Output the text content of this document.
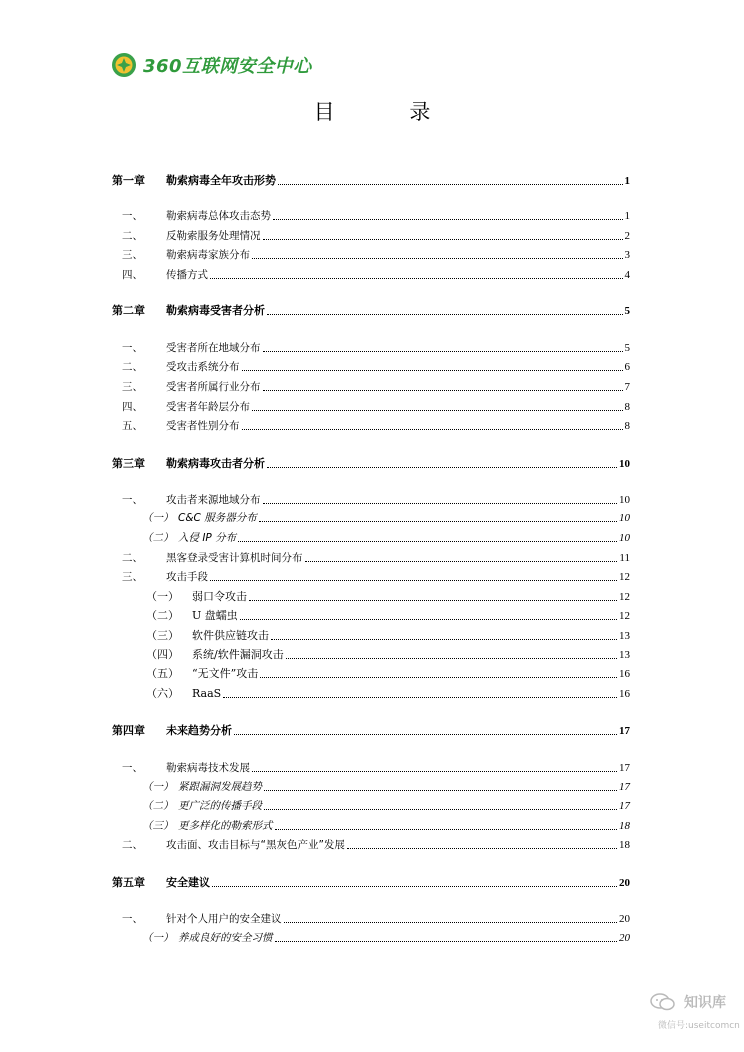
360互联网安全中心
目 录
第一章	勒索病毒全年攻击形势	1
一、	勒索病毒总体攻击态势	1
二、	反勒索服务处理情况	2
三、	勒索病毒家族分布	3
四、	传播方式	4
第二章	勒索病毒受害者分析	5
一、	受害者所在地域分布	5
二、	受攻击系统分布	6
三、	受害者所属行业分布	7
四、	受害者年龄层分布	8
五、	受害者性别分布	8
第三章	勒索病毒攻击者分析	10
一、	攻击者来源地域分布	10
（一） C&C 服务器分布	10
（二） 入侵 IP 分布	10
二、	黑客登录受害计算机时间分布	11
三、	攻击手段	12
（一）	弱口令攻击	12
（二）	U 盘蠕虫	12
（三）	软件供应链攻击	13
（四）	系统/软件漏洞攻击	13
（五）	“无文件”攻击	16
（六）	RaaS	16
第四章	未来趋势分析	17
一、	勒索病毒技术发展	17
（一） 紧跟漏洞发展趋势	17
（二） 更广泛的传播手段	17
（三） 更多样化的勒索形式	18
二、	攻击面、攻击目标与“黑灰色产业”发展	18
第五章	安全建议	20
一、	针对个人用户的安全建议	20
（一） 养成良好的安全习惯	20
知识库
微信号:useitcomcn
